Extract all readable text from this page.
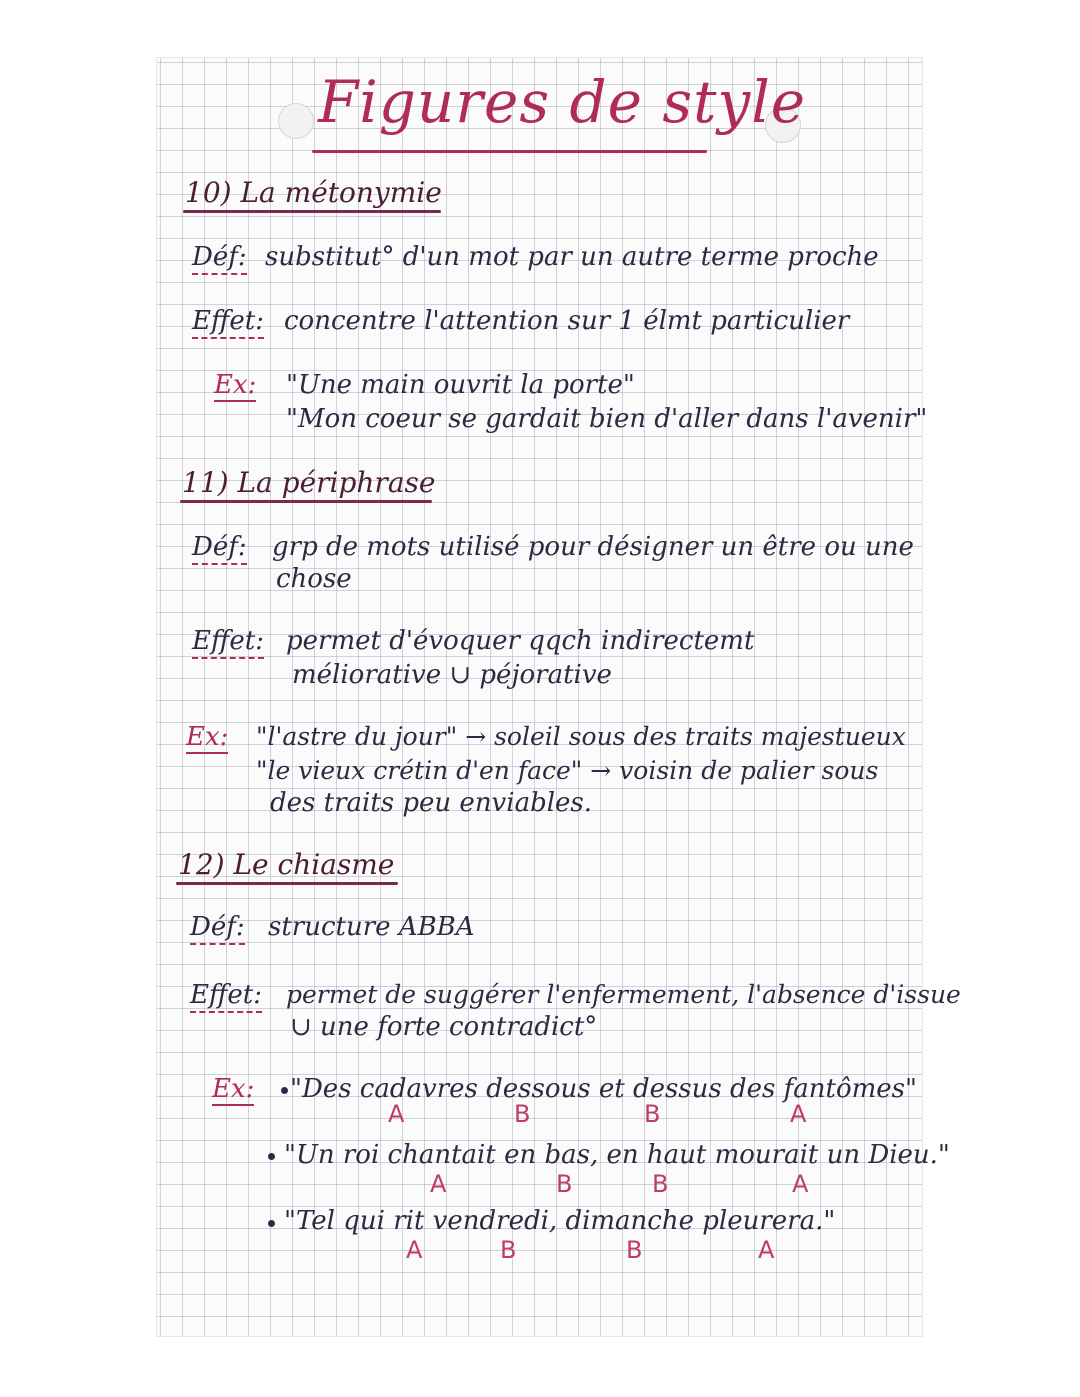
Figures de style
10) La métonymie
Déf: substitut° d'un mot par un autre terme proche
Effet: concentre l'attention sur 1 élmt particulier
Ex: "Une main ouvrit la porte"
"Mon coeur se gardait bien d'aller dans l'avenir"
11) La périphrase
Déf: grp de mots utilisé pour désigner un être ou une
chose
Effet: permet d'évoquer qqch indirectemt
méliorative ∪ péjorative
Ex: "l'astre du jour" → soleil sous des traits majestueux
"le vieux crétin d'en face" → voisin de palier sous
des traits peu enviables.
12) Le chiasme
Déf: structure ABBA
Effet: permet de suggérer l'enfermement, l'absence d'issue
∪ une forte contradict°
Ex: "Des cadavres dessous et dessus des fantômes"
A	B	B	A
"Un roi chantait en bas, en haut mourait un Dieu."
A	B	B	A
"Tel qui rit vendredi, dimanche pleurera."
A	B	B	A
